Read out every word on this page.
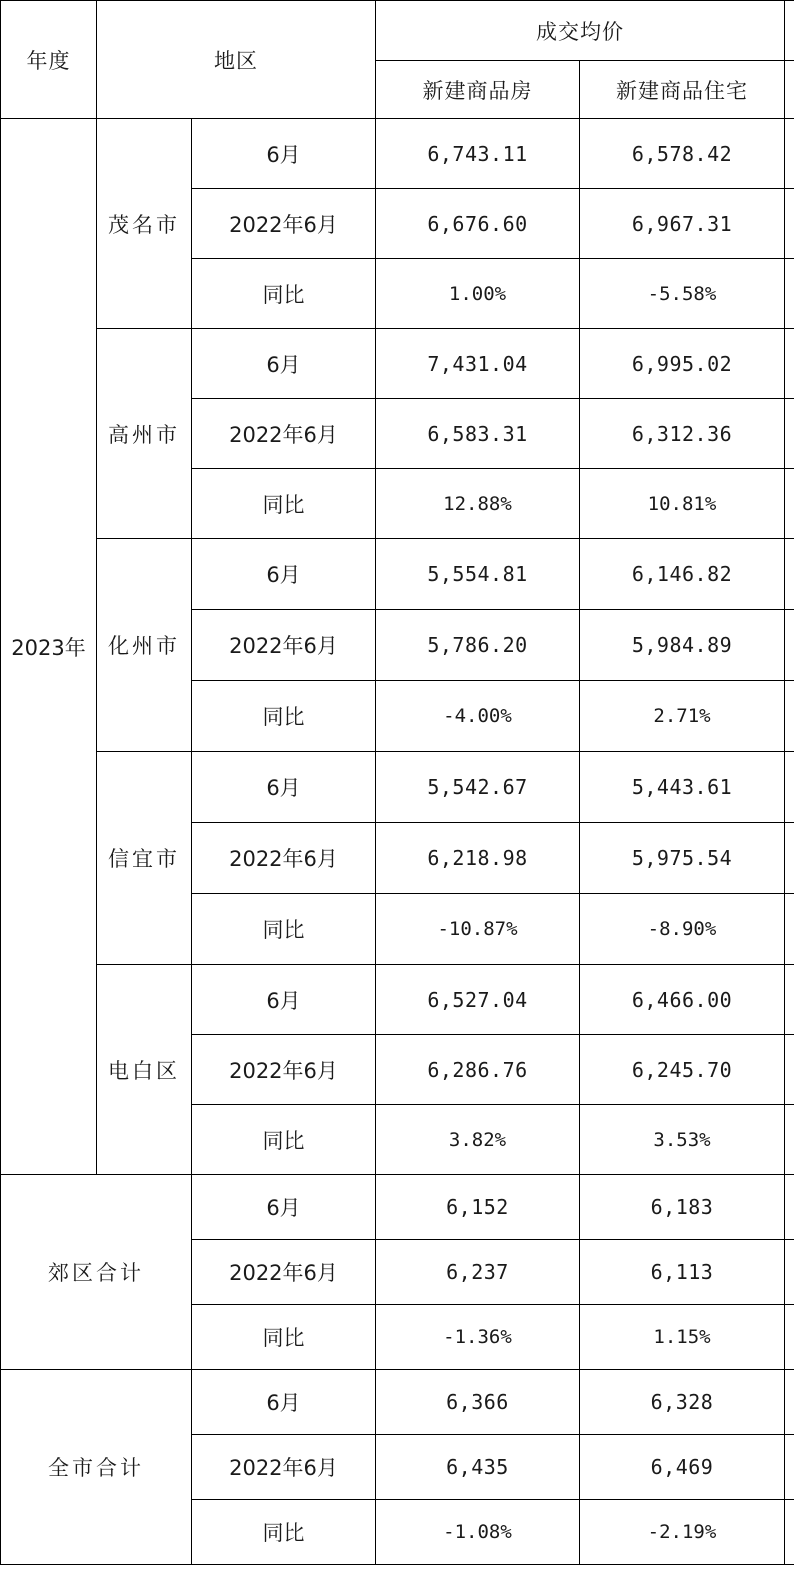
年度	地区		成交均价		
			新建商品房	新建商品住宅	
2023年	茂名市	6月	6,743.11	6,578.42	

		2022年6月	6,676.60	6,967.31	

		同比	1.00%	-5.58%	
	高州市	6月	7,431.04	6,995.02	

		2022年6月	6,583.31	6,312.36	

		同比	12.88%	10.81%	
	化州市	6月	5,554.81	6,146.82	

		2022年6月	5,786.20	5,984.89	

		同比	-4.00%	2.71%	
	信宜市	6月	5,542.67	5,443.61	

		2022年6月	6,218.98	5,975.54	

		同比	-10.87%	-8.90%	
	电白区	6月	6,527.04	6,466.00	

		2022年6月	6,286.76	6,245.70	

		同比	3.82%	3.53%	
郊区合计		6月	6,152	6,183	
		2022年6月	6,237	6,113	
		同比	-1.36%	1.15%	
全市合计		6月	6,366	6,328	
		2022年6月	6,435	6,469	
		同比	-1.08%	-2.19%	
